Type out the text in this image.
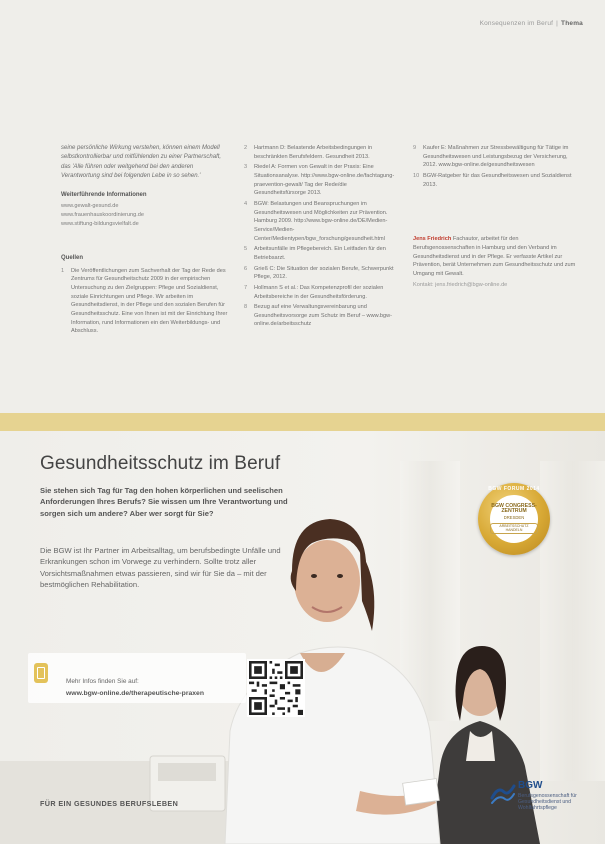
Konsequenzen im Beruf | Thema

seine persönliche Wirkung verstehen, können einem Modell selbstkontrollierbar und mitfühlenden zu einer Partnerschaft, das 'Alle führen oder weitgehend bei den anderen Verantwortung sind bei folgenden Lebe in so sehen.'

Weiterführende Informationen
www.gewalt-gesund.de
www.frauenhauskoordinierung.de
www.stiftung-bildungsvielfalt.de
Quellen
1	Die Veröffentlichungen zum Sachverhalt der Tag der Rede des Zentrums für Gesundheitschutz 2009 in der empirischen Untersuchung zu den Zielgruppen: Pflege und Sozialdienst, soziale Einrichtungen und Pflege. Wir arbeiten im Gesundheitsdienst, in der Pflege und den sozialen Berufen für Gesundheitsschutz. Eine von Ihnen ist mit der Einrichtung Ihrer Information, rund Informationen ein den Weiterbildungs- und Abschluss.
2	Hartmann D: Belastende Arbeitsbedingungen in beschränkten Berufsfeldern. Gesundheit 2013.
3	Riedel A: Formen von Gewalt in der Praxis: Eine Situationsanalyse. http://www.bgw-online.de/fachtagung-praevention-gewalt/ Tag der Rede/die Gesundheitsfürsorge 2013.
4	BGW: Belastungen und Beanspruchungen im Gesundheitswesen und Möglichkeiten zur Prävention. Hamburg 2009. http://www.bgw-online.de/DE/Medien-Service/Medien-Center/Medientypen/bgw_forschung/gesundheit.html
5	Arbeitsunfälle im Pflegebereich. Ein Leitfaden für den Betriebsarzt.
6	Grieß C: Die Situation der sozialen Berufe, Schwerpunkt Pflege, 2012.
7	Hollmann S et al.: Das Kompetenzprofil der sozialen Arbeitsbereiche in der Gesundheitsförderung.
8	Bezug auf eine Verwaltungsvereinbarung und Gesundheitsvorsorge zum Schutz im Beruf – www.bgw-online.de/arbeitsschutz
9	Kaufer E: Maßnahmen zur Stressbewältigung für Tätige im Gesundheitswesen und Leistungsbezug der Versicherung, 2012. www.bgw-online.de/gesundheitswesen
10 BGW-Ratgeber für das Gesundheitswesen und Sozialdienst 2013.
Jens Friedrich Fachautor, arbeitet für den Berufsgenossenschaften in Hamburg und den Verband im Gesundheitsdienst und in der Pflege. Er verfasste Artikel zur Prävention, berät Unternehmen zum Gesundheitsschutz und zum Umgang mit Gewalt.
Kontakt: jens.friedrich@bgw-online.de
Gesundheitsschutz im Beruf
Sie stehen sich Tag für Tag den hohen körperlichen und seelischen Anforderungen Ihres Berufs? Sie wissen um Ihre Verantwortung und sorgen sich um andere? Aber wer sorgt für Sie?
Die BGW ist Ihr Partner im Arbeitsalltag, um berufsbedingte Unfälle und Erkrankungen schon im Vorwege zu verhindern. Sollte trotz aller Vorsichtsmaßnahmen etwas passieren, sind wir für Sie da – mit der bestmöglichen Rehabilitation.
BGW FORUM 2014
BGW CONGRESS-ZENTRUM
DRESDEN
ARBEITSSCHUTZ HANDELN
Mehr Infos finden Sie auf:
www.bgw-online.de/therapeutische-praxen
FÜR EIN GESUNDES BERUFSLEBEN
BGW
Berufsgenossenschaft für Gesundheitsdienst und Wohlfahrtspflege
